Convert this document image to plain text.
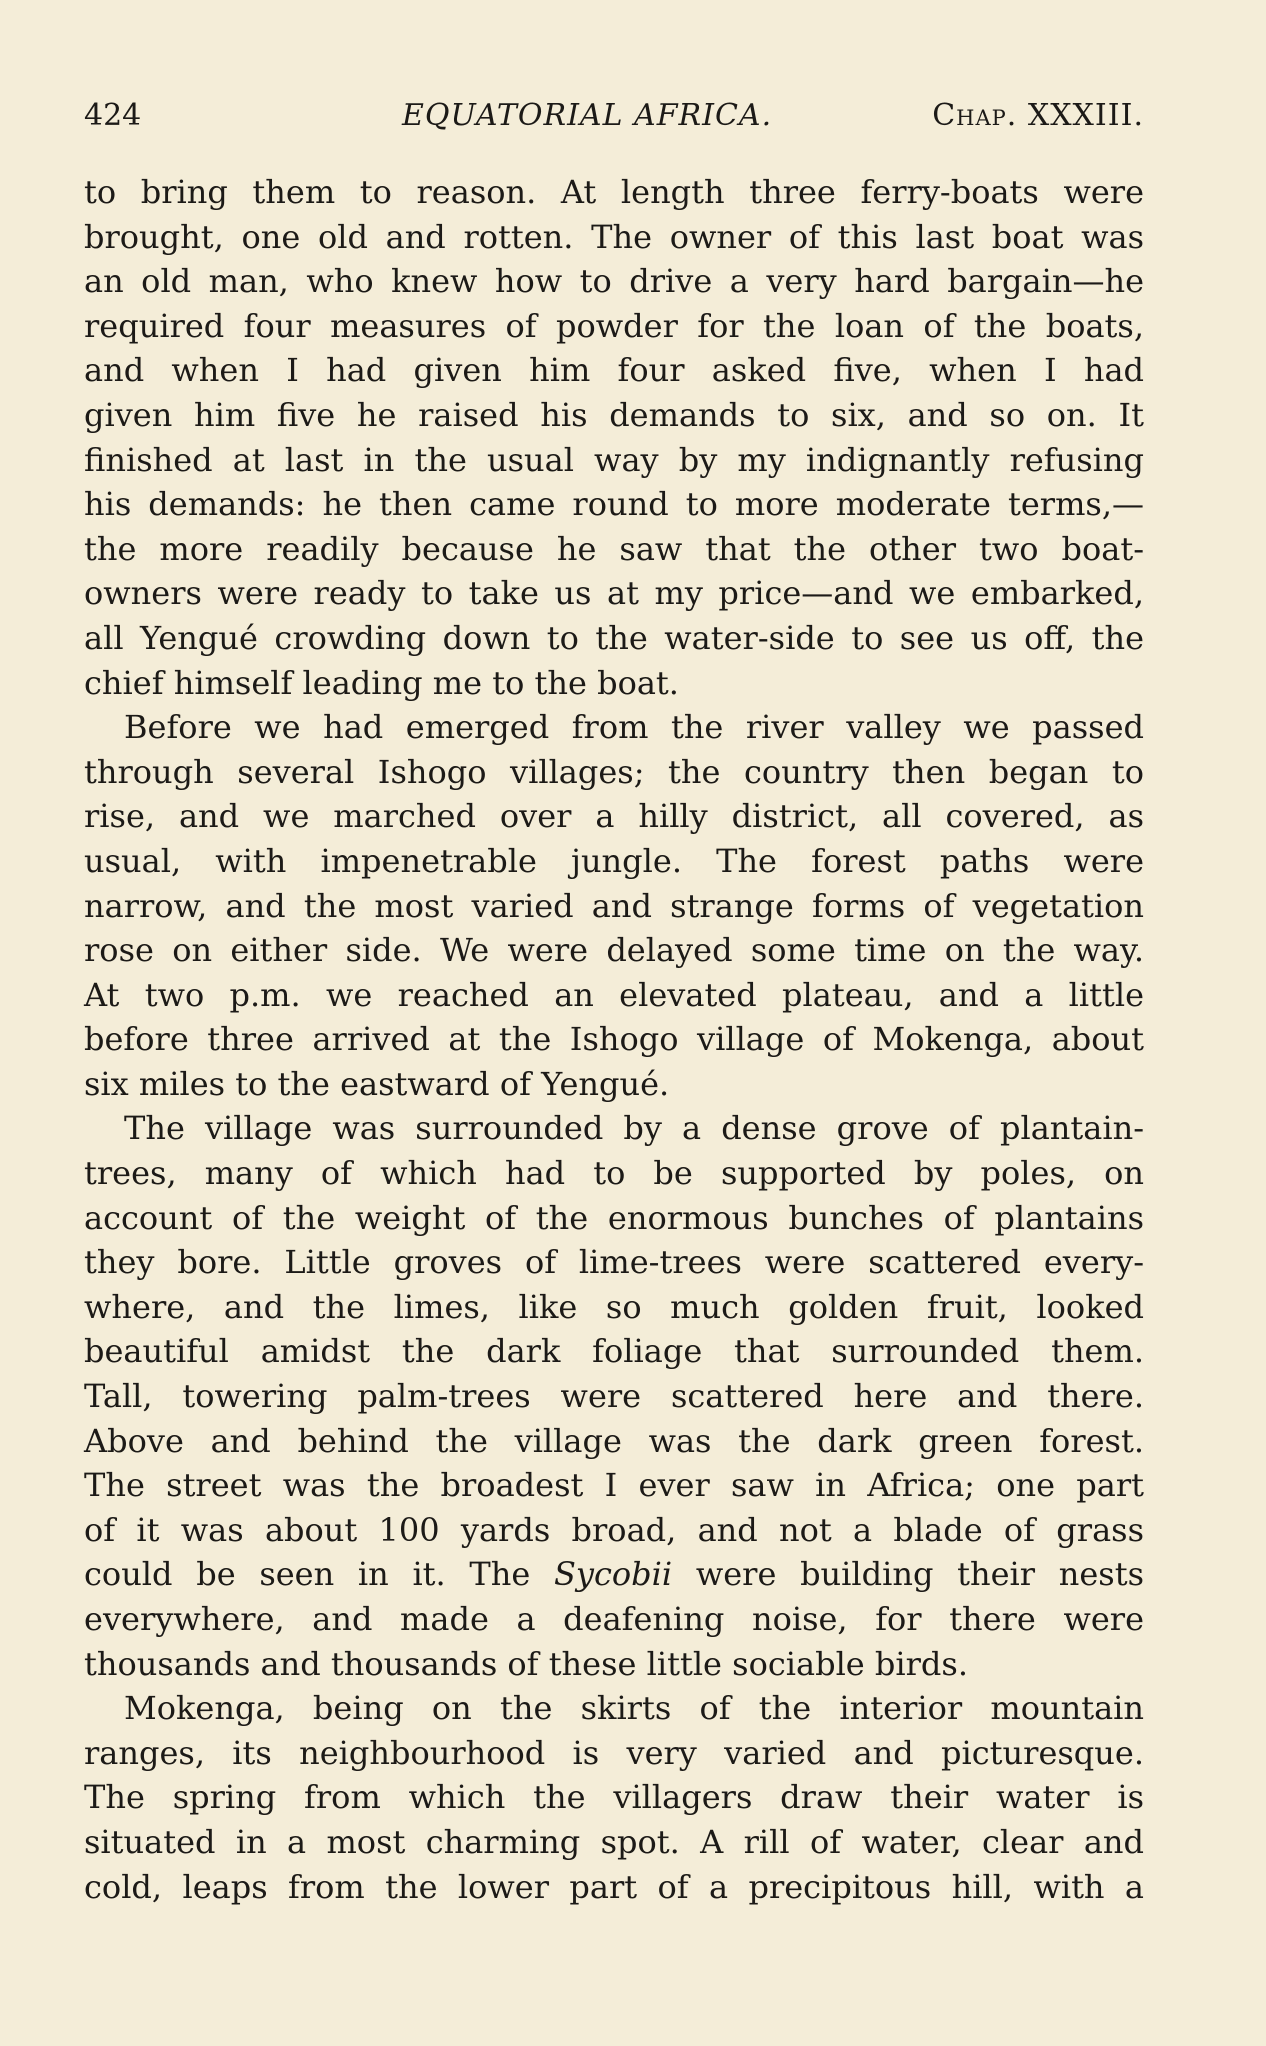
424	EQUATORIAL AFRICA.	Chap. XXXIII.
to bring them to reason. At length three ferry-boats were
brought, one old and rotten. The owner of this last boat was
an old man, who knew how to drive a very hard bargain—he
required four measures of powder for the loan of the boats,
and when I had given him four asked five, when I had
given him five he raised his demands to six, and so on. It
finished at last in the usual way by my indignantly refusing
his demands: he then came round to more moderate terms,—
the more readily because he saw that the other two boat-
owners were ready to take us at my price—and we embarked,
all Yengué crowding down to the water-side to see us off, the
chief himself leading me to the boat.
Before we had emerged from the river valley we passed
through several Ishogo villages; the country then began to
rise, and we marched over a hilly district, all covered, as
usual, with impenetrable jungle. The forest paths were
narrow, and the most varied and strange forms of vegetation
rose on either side. We were delayed some time on the way.
At two p.m. we reached an elevated plateau, and a little
before three arrived at the Ishogo village of Mokenga, about
six miles to the eastward of Yengué.
The village was surrounded by a dense grove of plantain-
trees, many of which had to be supported by poles, on
account of the weight of the enormous bunches of plantains
they bore. Little groves of lime-trees were scattered every-
where, and the limes, like so much golden fruit, looked
beautiful amidst the dark foliage that surrounded them.
Tall, towering palm-trees were scattered here and there.
Above and behind the village was the dark green forest.
The street was the broadest I ever saw in Africa; one part
of it was about 100 yards broad, and not a blade of grass
could be seen in it. The Sycobii were building their nests
everywhere, and made a deafening noise, for there were
thousands and thousands of these little sociable birds.
Mokenga, being on the skirts of the interior mountain
ranges, its neighbourhood is very varied and picturesque.
The spring from which the villagers draw their water is
situated in a most charming spot. A rill of water, clear and
cold, leaps from the lower part of a precipitous hill, with a
